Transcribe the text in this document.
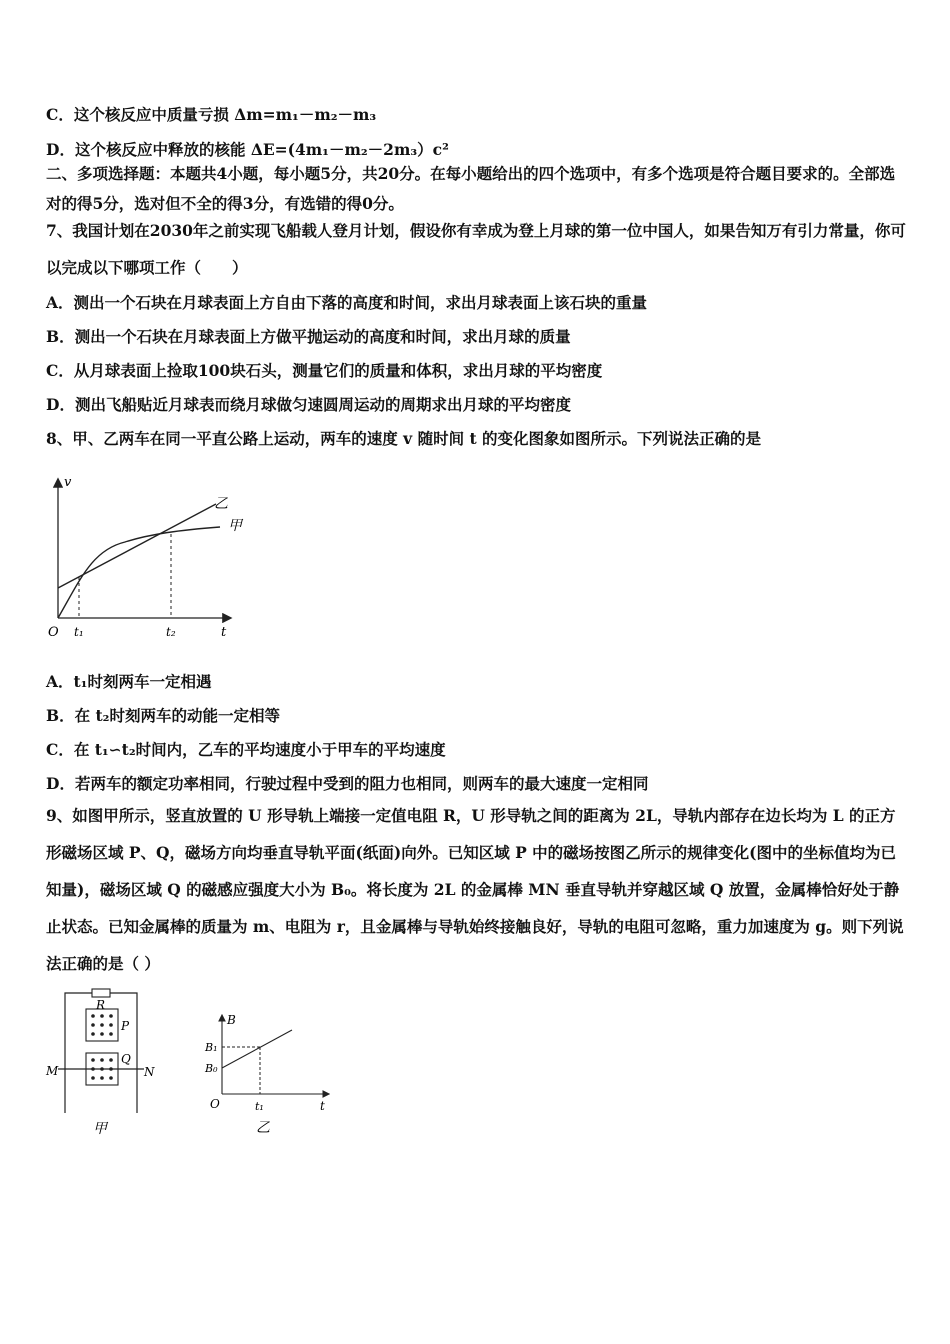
C．这个核反应中质量亏损 Δm=m₁－m₂－m₃
D．这个核反应中释放的核能 ΔE=(4m₁－m₂－2m₃）c²
二、多项选择题：本题共4小题，每小题5分，共20分。在每小题给出的四个选项中，有多个选项是符合题目要求的。全部选对的得5分，选对但不全的得3分，有选错的得0分。
7、我国计划在2030年之前实现飞船载人登月计划，假设你有幸成为登上月球的第一位中国人，如果告知万有引力常量，你可以完成以下哪项工作（　　）
A．测出一个石块在月球表面上方自由下落的高度和时间，求出月球表面上该石块的重量
B．测出一个石块在月球表面上方做平抛运动的高度和时间，求出月球的质量
C．从月球表面上捡取100块石头，测量它们的质量和体积，求出月球的平均密度
D．测出飞船贴近月球表而绕月球做匀速圆周运动的周期求出月球的平均密度
8、甲、乙两车在同一平直公路上运动，两车的速度 v 随时间 t 的变化图象如图所示。下列说法正确的是
v
t
O t₁	t₂
甲
乙
A．t₁时刻两车一定相遇
B．在 t₂时刻两车的动能一定相等
C．在 t₁∽t₂时间内，乙车的平均速度小于甲车的平均速度
D．若两车的额定功率相同，行驶过程中受到的阻力也相同，则两车的最大速度一定相同
9、如图甲所示，竖直放置的 U 形导轨上端接一定值电阻 R，U 形导轨之间的距离为 2L，导轨内部存在边长均为 L 的正方形磁场区域 P、Q，磁场方向均垂直导轨平面(纸面)向外。已知区域 P 中的磁场按图乙所示的规律变化(图中的坐标值均为已知量)，磁场区域 Q 的磁感应强度大小为 B₀。将长度为 2L 的金属棒 MN 垂直导轨并穿越区域 Q 放置，金属棒恰好处于静止状态。已知金属棒的质量为 m、电阻为 r，且金属棒与导轨始终接触良好，导轨的电阻可忽略，重力加速度为 g。则下列说法正确的是（ ）
R
P
Q
M	N
甲
B
B₁
B₀
O	t₁	t
乙
